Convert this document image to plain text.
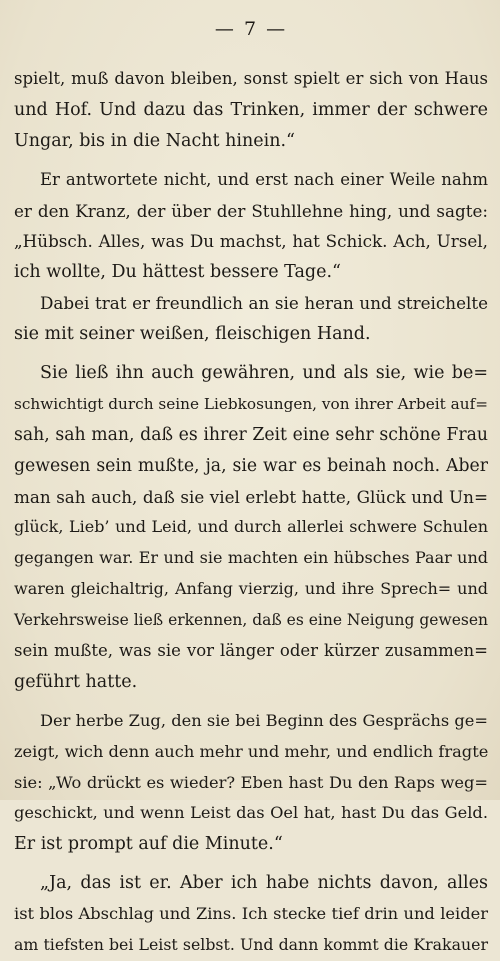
— 7 —
spielt, muß davon bleiben, sonst spielt er sich von Haus
und Hof. Und dazu das Trinken, immer der schwere
Ungar, bis in die Nacht hinein.“
Er antwortete nicht, und erst nach einer Weile nahm
er den Kranz, der über der Stuhllehne hing, und sagte:
„Hübsch. Alles, was Du machst, hat Schick. Ach, Ursel,
ich wollte, Du hättest bessere Tage.“
Dabei trat er freundlich an sie heran und streichelte
sie mit seiner weißen, fleischigen Hand.
Sie ließ ihn auch gewähren, und als sie, wie be=
schwichtigt durch seine Liebkosungen, von ihrer Arbeit auf=
sah, sah man, daß es ihrer Zeit eine sehr schöne Frau
gewesen sein mußte, ja, sie war es beinah noch. Aber
man sah auch, daß sie viel erlebt hatte, Glück und Un=
glück, Lieb’ und Leid, und durch allerlei schwere Schulen
gegangen war. Er und sie machten ein hübsches Paar und
waren gleichaltrig, Anfang vierzig, und ihre Sprech= und
Verkehrsweise ließ erkennen, daß es eine Neigung gewesen
sein mußte, was sie vor länger oder kürzer zusammen=
geführt hatte.
Der herbe Zug, den sie bei Beginn des Gesprächs ge=
zeigt, wich denn auch mehr und mehr, und endlich fragte
sie: „Wo drückt es wieder? Eben hast Du den Raps weg=
geschickt, und wenn Leist das Oel hat, hast Du das Geld.
Er ist prompt auf die Minute.“
„Ja, das ist er. Aber ich habe nichts davon, alles
ist blos Abschlag und Zins. Ich stecke tief drin und leider
am tiefsten bei Leist selbst. Und dann kommt die Krakauer
